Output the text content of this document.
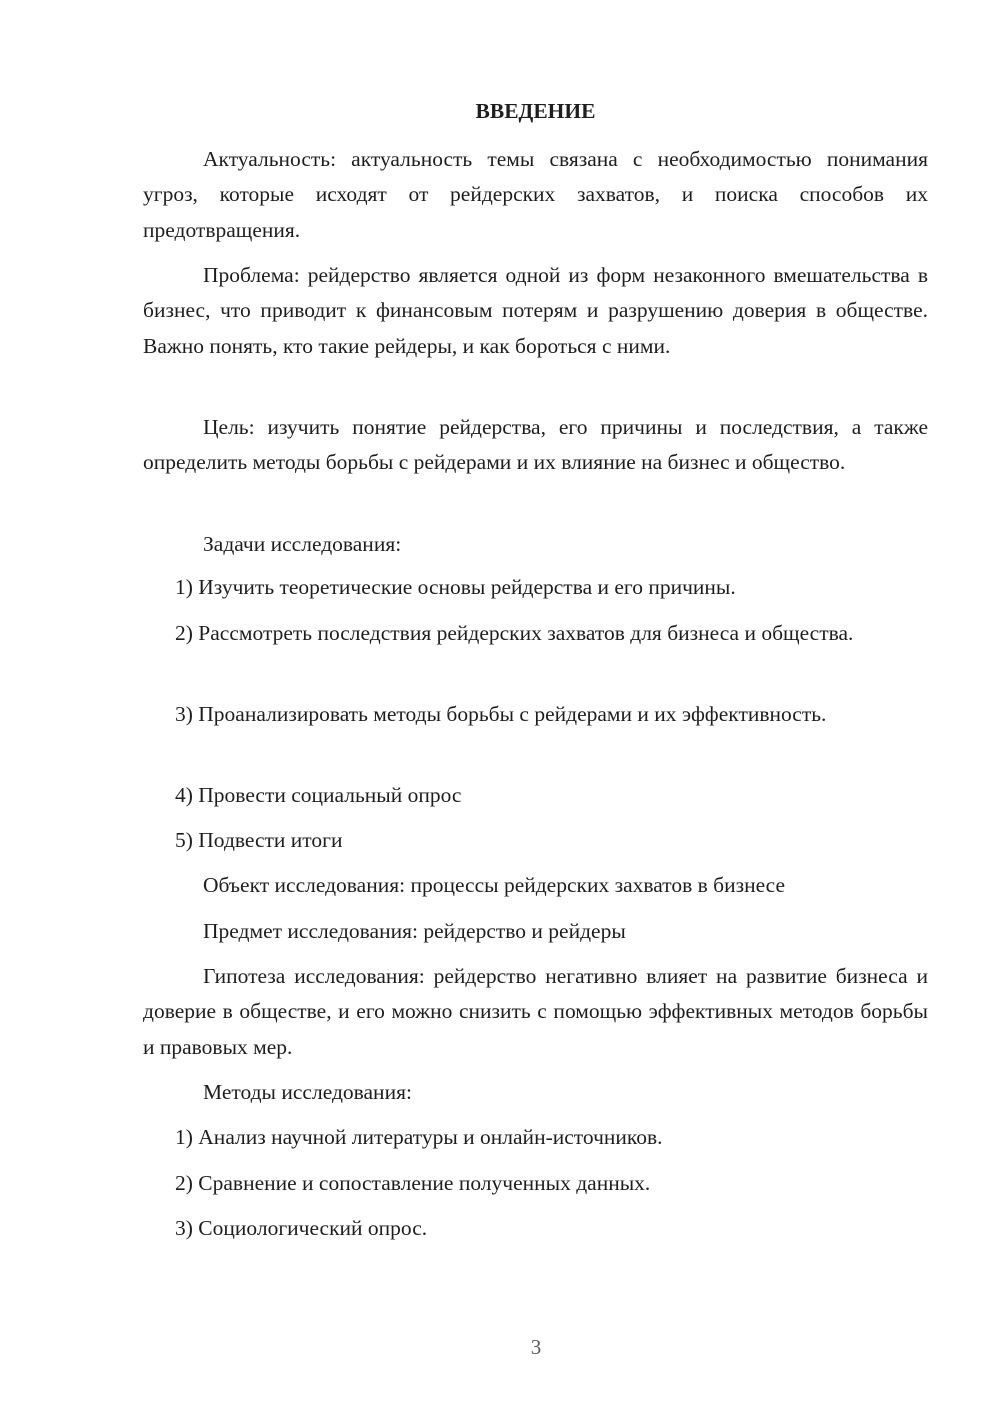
ВВЕДЕНИЕ

Актуальность: актуальность темы связана с необходимостью понимания угроз, которые исходят от рейдерских захватов, и поиска способов их предотвращения.

Проблема: рейдерство является одной из форм незаконного вмешательства в бизнес, что приводит к финансовым потерям и разрушению доверия в обществе. Важно понять, кто такие рейдеры, и как бороться с ними.

Цель: изучить понятие рейдерства, его причины и последствия, а также определить методы борьбы с рейдерами и их влияние на бизнес и общество.

Задачи исследования:

1) Изучить теоретические основы рейдерства и его причины.

2) Рассмотреть последствия рейдерских захватов для бизнеса и общества.

3) Проанализировать методы борьбы с рейдерами и их эффективность.

4) Провести социальный опрос

5) Подвести итоги

Объект исследования: процессы рейдерских захватов в бизнесе

Предмет исследования: рейдерство и рейдеры

Гипотеза исследования: рейдерство негативно влияет на развитие бизнеса и доверие в обществе, и его можно снизить с помощью эффективных методов борьбы и правовых мер.

Методы исследования:

1) Анализ научной литературы и онлайн-источников.

2) Сравнение и сопоставление полученных данных.

3) Социологический опрос.

3
